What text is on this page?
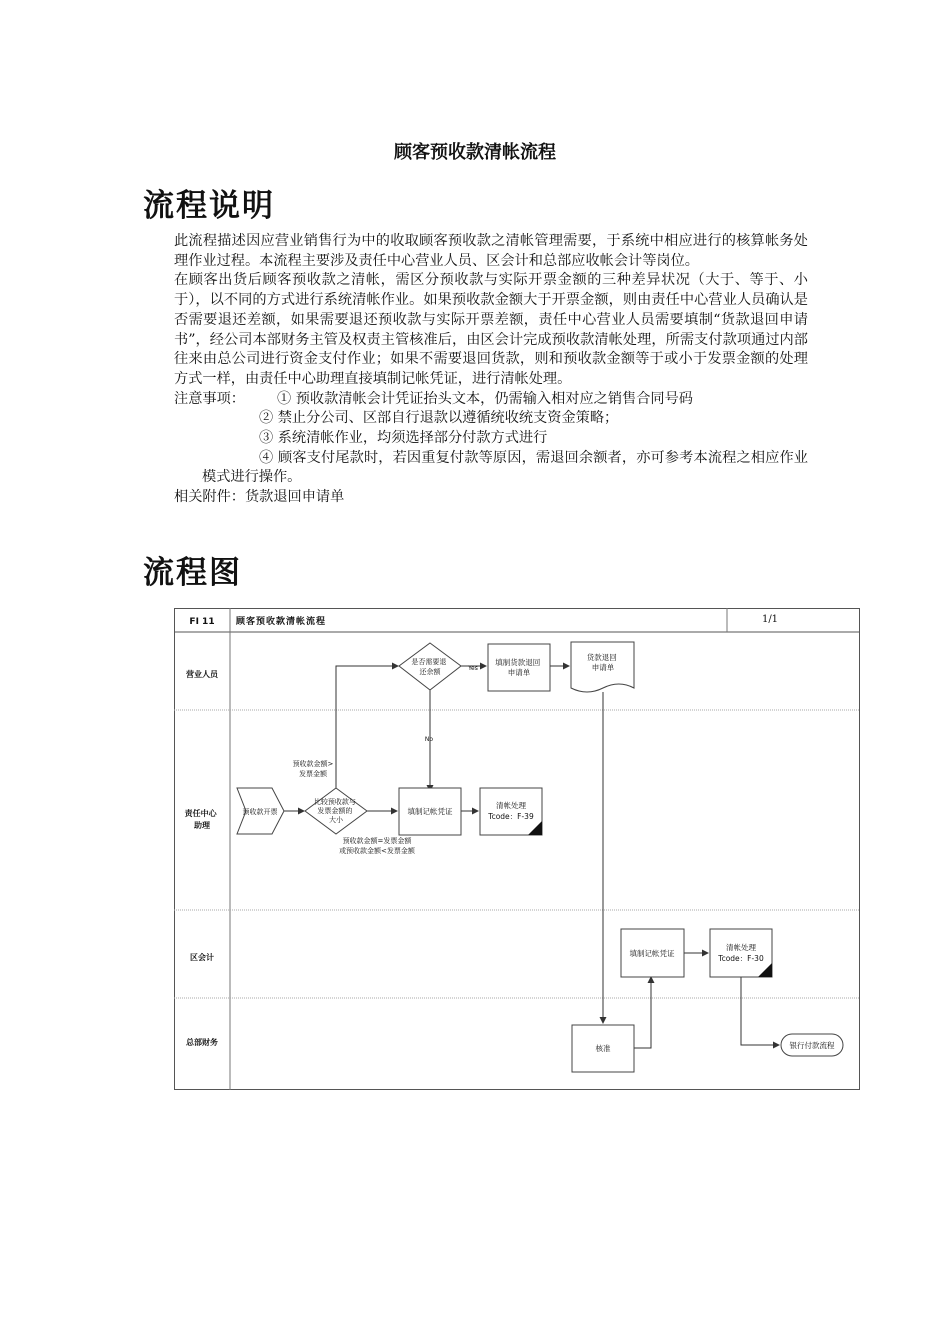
顾客预收款清帐流程
流程说明

此流程描述因应营业销售行为中的收取顾客预收款之清帐管理需要，于系统中相应进行的核算帐务处理作业过程。本流程主要涉及责任中心营业人员、区会计和总部应收帐会计等岗位。

在顾客出货后顾客预收款之清帐，需区分预收款与实际开票金额的三种差异状况（大于、等于、小于），以不同的方式进行系统清帐作业。如果预收款金额大于开票金额，则由责任中心营业人员确认是否需要退还差额，如果需要退还预收款与实际开票差额，责任中心营业人员需要填制“货款退回申请书”，经公司本部财务主管及权责主管核准后，由区会计完成预收款清帐处理，所需支付款项通过内部往来由总公司进行资金支付作业；如果不需要退回货款，则和预收款金额等于或小于发票金额的处理方式一样，由责任中心助理直接填制记帐凭证，进行清帐处理。

注意事项：	① 预收款清帐会计凭证抬头文本，仍需输入相对应之销售合同号码

② 禁止分公司、区部自行退款以遵循统收统支资金策略；

③ 系统清帐作业，均须选择部分付款方式进行

④ 顾客支付尾款时，若因重复付款等原因，需退回余额者，亦可参考本流程之相应作业模式进行操作。

相关附件：货款退回申请单

流程图
FI 11 顾客预收款清帐流程	1/1
营业人员
责任中心 助理
区会计
总部财务
预收款金额>
发票金额
预收款金额=发票金额
或预收款金额<发票金额
Yes
No
预收款开票
比较预收款与 发票金额的 大小
是否需要退 还余额
填制货款退回 申请单
货款退回 申请单
填制记帐凭证
清帐处理
Tcode：F-39
填制记帐凭证
清帐处理
Tcode：F-30
核准	银行付款流程
